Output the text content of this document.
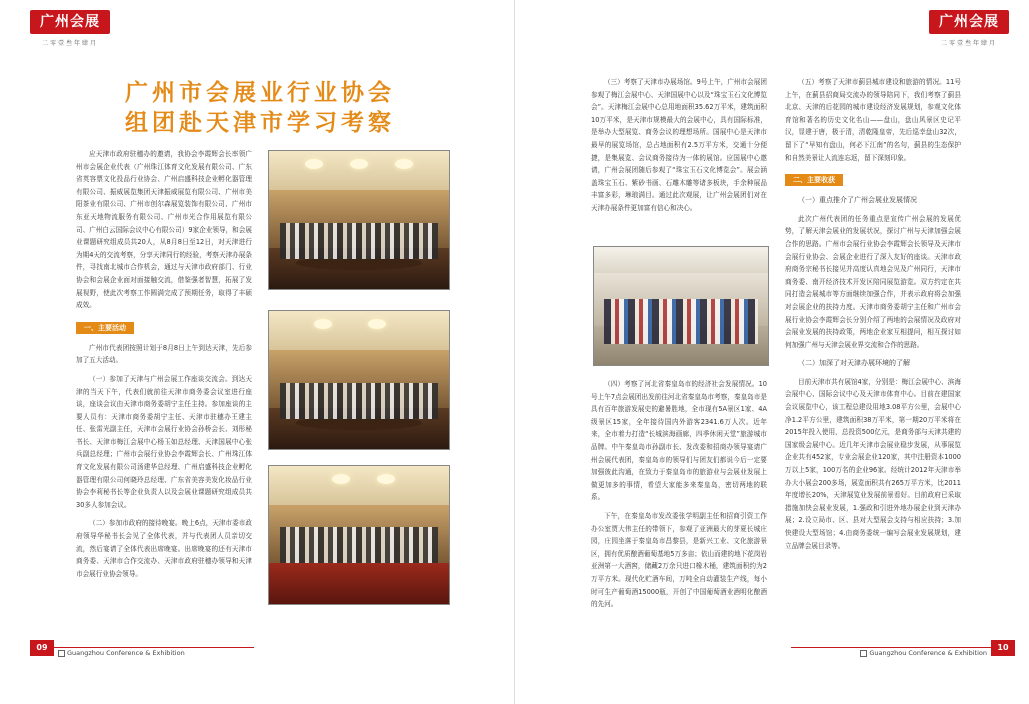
广州会展
二零壹叁年肆月
广州市会展业行业协会
组团赴天津市学习考察

应天津市政府驻穗办的邀请，我协会李霞辉会长率领广州市会展企业代表（广州珠江体育文化发展有限公司、广东省英容票文化投品行业协会、广州启盛科技企业孵化器管理有限公司、振威展览集团天津振威展览有限公司、广州市美阳茶业有限公司、广州市创尔森展览装饰有限公司、广州市东亚天地物流服务有限公司、广州市光合作用展览有限公司、广州白云国际会议中心有限公司）9家企业领导，和会展业课题研究组成员共20人，从8月8日至12日，对天津进行为期4天的交流考察，分享天津同行的经验，考察天津办展条件，寻找南北城市合作机会，通过与天津市政府部门、行业协会和会展企业面对面接触交流，借鉴强者智慧，拓展了发展视野，使此次考察工作圆满完成了预期任务，取得了丰硕成效。

一、主要活动

广州市代表团按照计划于8月8日上午到达天津，先后参加了五大活动。

（一）参加了天津与广州会展工作座谈交流会。到达天津的当天下午，代表们就前往天津市商务委会议室进行座谈，座谈会议由天津市商务委胡宁主任主持。参加座谈的主要人员有：天津市商务委胡宁主任、天津市驻穗办王建主任、张雷光副主任，天津市会展行业协会孙桥会长、刘彤秘书长、天津市梅江会展中心杨玉如总经理、天津国展中心张兵副总经理；广州市会展行业协会李霞辉会长、广州珠江体育文化发展有限公司汤建华总经理、广州启盛科技企业孵化器管理有限公司何晓玲总经理、广东省美容美发化妆品行业协会李莉秘书长等企业负责人以及会展业课题研究组成员共30多人参加会议。

（二）参加市政府的接待晚宴。晚上6点，天津市委市政府领导华秘书长会见了全体代表，并与代表团人员亲切交流，然后宴请了全体代表出席晚宴。出席晚宴的还有天津市商务委、天津市合作交流办、天津市政府驻穗办领导和天津市会展行业协会领导。

09
Guangzhou Conference & Exhibition
广州会展
二零壹叁年肆月

（三）考察了天津市办展场馆。9号上午，广州市会展团参观了梅江会展中心、天津国展中心以及“珠宝玉石文化博览会”。天津梅江会展中心总用地面积35.62万平米，建筑面积10万平米，是天津市规模最大的会展中心，具有国际标准，是举办大型展览、商务会议的理想场所。国展中心是天津市最早的展览场馆，总占地面积有2.5万平方米，交通十分便捷，是集展览、会议商务接待为一体的展馆。应国展中心邀请，广州会展团随后参观了“珠宝玉石文化博览会”。展会涵盖珠宝玉石、紫砂书画、石雕木雕等诸多板块，手余种展品丰富多彩，琳琅满目。通过此次观展，让广州会展团们对在天津办展条件更加富有信心和决心。

（四）考察了河北省秦皇岛市的经济社会发展情况。10号上午7点会展团出发前往河北省秦皇岛市考察，秦皇岛市是具有百年旅游发展史的避暑胜地，全市现有5A景区1家、4A级景区15家，全年接待国内外游客2341.6万人次。近年来，全市着力打造“长城滨海画廊，四季休闲天堂”旅游城市品牌。中午秦皇岛市孙副市长、发改委和招商办领导宴请广州会展代表团，秦皇岛市的领导们与团友们都说今后一定要加强彼此沟通，在致力于秦皇岛市的旅游业与会展业发展上做更加多的事情，希望大家能多来秦皇岛，密切两地的联系。

下午，在秦皇岛市发改委张学明副主任和招商引资工作办公室贾大伟主任的带领下，参观了亚洲最大的芽夏长城庄园，庄园坐落于秦皇岛市昌黎县，是新兴工业、文化旅游景区，拥有优质酿酒葡萄基地5万多亩；依山而建的地下花岗岩亚洲第一大酒窖，储藏2万余只进口橡木桶，建筑面积约为2万平方米。现代化贮酒车间，万吨全自动灌装生产线，每小时可生产葡萄酒15000瓶，开创了中国葡萄酒业酒明化酿酒的先河。

（五）考察了天津市蓟县城市建设和旅游的情况。11号上午，在蓟县招商局交流办的领导陪同下，我们考察了蓟县北京、天津的后花园的城市建设经济发展规划，参观文化体育馆和著名的历史文化名山——盘山，盘山风景区史记平汉，显建于唐，极于清，清乾隆皇帝，先后巡幸盘山32次，留下了“早知有盘山，何必下江南”的名句，蓟县的生态保护和自然美景让人流连忘返，留下深刻印象。

二、主要收获
（一）重点推介了广州会展业发展情况

此次广州代表团的任务重点是宣传广州会展的发展优势，了解天津会展业的发展状况，探讨广州与天津加强会展合作的思路。广州市会展行业协会李霞辉会长领导及天津市会展行业协会、会展企业进行了深入友好的座谈。天津市政府商务宗秘书长接见并高度认真地会见及广州同行，天津市商务委、南开经济技术开发区陪同展览游览。双方约定在共同打造会展城市等方面继续加强合作，并表示政府将会加强对会展企业的扶持力度。天津市商务委胡宁主任和广州市会展行业协会李霞辉会长分别介绍了两地的会展情况及政府对会展业发展的扶持政策，两地企业家互相提问，相互探讨如何加强广州与天津会展业界交流和合作的思路。

（二）加深了对天津办展环境的了解

目前天津市共有展馆4家，分别是：梅江会展中心、滨海会展中心、国际会议中心及天津市体育中心。目前在建国家会议展览中心，该工程总建设用地3.08平方公里，会展中心净1.2平方公里，建筑面积38万平米，第一期20万平米将在2015年投入使用，总投资500亿元，是商务部与天津共建的国家级会展中心。近几年天津市会展业稳步发展，从事展览企业共有452家，专业会展企业120家，其中注册资本1000万以上5家，100万名的企业96家。经统计2012年天津市举办大小展会200多场，展览面积共有265万平方米，比2011年度增长20%，天津展览业发展前景看好。目前政府已采取措施加快会展业发展，1.强政和引进外地办展企业到天津办展；2.设立局市、区、县对大型展会支持与相应扶持；3.加快建设大型场馆；4.由商务委统一编写会展业发展规划，建立品牌会展目录等。

Guangzhou Conference & Exhibition
10
